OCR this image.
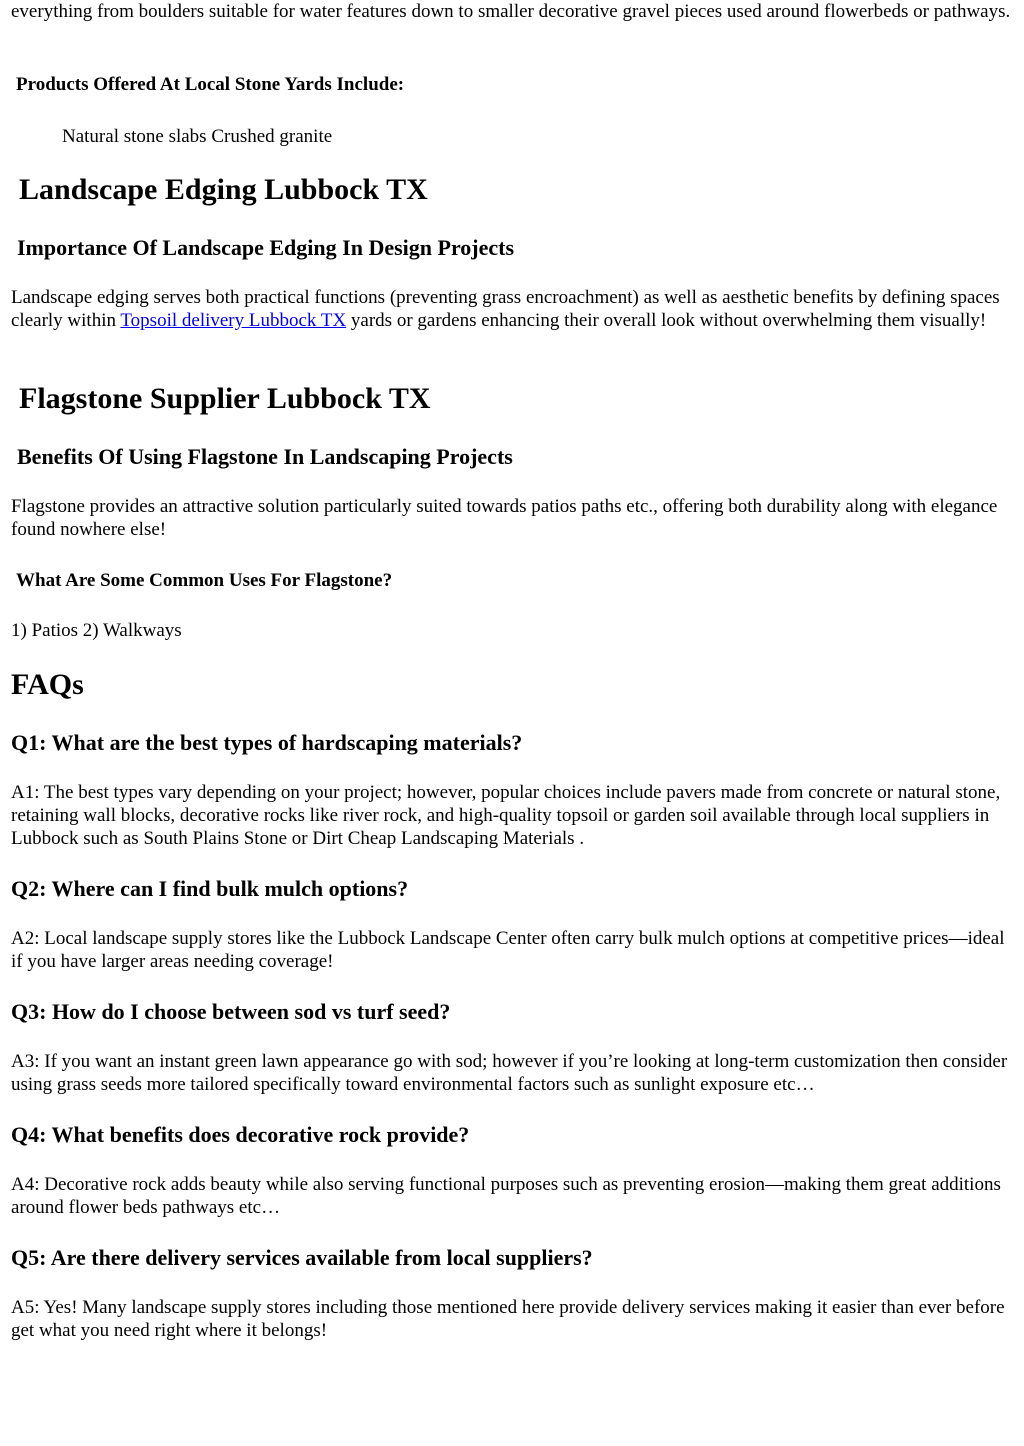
everything from boulders suitable for water features down to smaller decorative gravel pieces used around flowerbeds or pathways.

Products Offered At Local Stone Yards Include:

Natural stone slabs Crushed granite

Landscape Edging Lubbock TX
Importance Of Landscape Edging In Design Projects

Landscape edging serves both practical functions (preventing grass encroachment) as well as aesthetic benefits by defining spaces clearly within Topsoil delivery Lubbock TX yards or gardens enhancing their overall look without overwhelming them visually!

Flagstone Supplier Lubbock TX
Benefits Of Using Flagstone In Landscaping Projects

Flagstone provides an attractive solution particularly suited towards patios paths etc., offering both durability along with elegance found nowhere else!

What Are Some Common Uses For Flagstone?

1) Patios 2) Walkways

FAQs
Q1: What are the best types of hardscaping materials?

A1: The best types vary depending on your project; however, popular choices include pavers made from concrete or natural stone, retaining wall blocks, decorative rocks like river rock, and high-quality topsoil or garden soil available through local suppliers in Lubbock such as South Plains Stone or Dirt Cheap Landscaping Materials .

Q2: Where can I find bulk mulch options?

A2: Local landscape supply stores like the Lubbock Landscape Center often carry bulk mulch options at competitive prices—ideal if you have larger areas needing coverage!

Q3: How do I choose between sod vs turf seed?

A3: If you want an instant green lawn appearance go with sod; however if you’re looking at long-term customization then consider using grass seeds more tailored specifically toward environmental factors such as sunlight exposure etc…

Q4: What benefits does decorative rock provide?

A4: Decorative rock adds beauty while also serving functional purposes such as preventing erosion—making them great additions around flower beds pathways etc…

Q5: Are there delivery services available from local suppliers?

A5: Yes! Many landscape supply stores including those mentioned here provide delivery services making it easier than ever before get what you need right where it belongs!
